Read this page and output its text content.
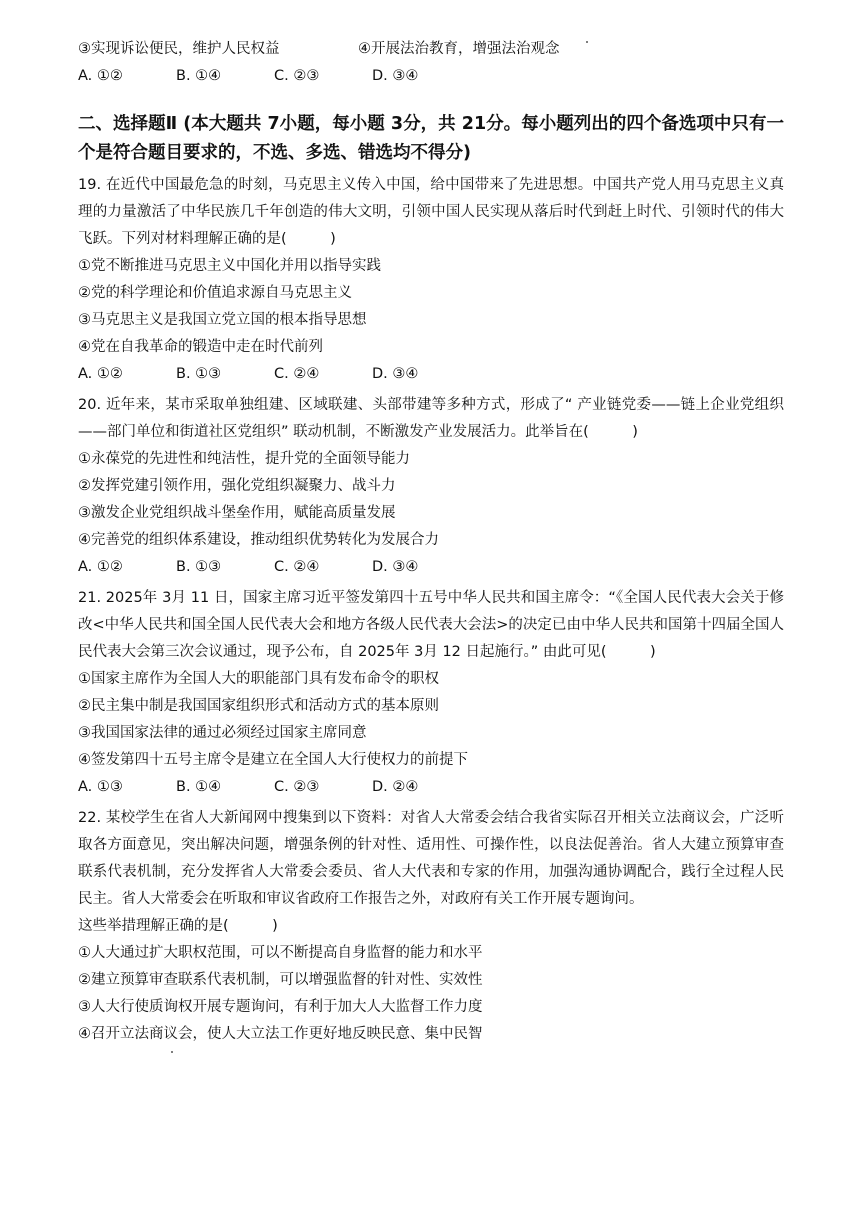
③实现诉讼便民，维护人民权益	④开展法治教育，增强法治观念
A. ①②	B. ①④	C. ②③	D. ③④
二、选择题Ⅱ (本大题共 7小题，每小题 3分，共 21分。每小题列出的四个备选项中只有一个是符合题目要求的，不选、多选、错选均不得分)
19. 在近代中国最危急的时刻，马克思主义传入中国，给中国带来了先进思想。中国共产党人用马克思主义真理的力量激活了中华民族几千年创造的伟大文明，引领中国人民实现从落后时代到赶上时代、引领时代的伟大飞跃。下列对材料理解正确的是(　　　)
①党不断推进马克思主义中国化并用以指导实践
②党的科学理论和价值追求源自马克思主义
③马克思主义是我国立党立国的根本指导思想
④党在自我革命的锻造中走在时代前列
A. ①②	B. ①③	C. ②④	D. ③④
20. 近年来，某市采取单独组建、区域联建、头部带建等多种方式，形成了“ 产业链党委——链上企业党组织——部门单位和街道社区党组织” 联动机制，不断激发产业发展活力。此举旨在(　　　)
①永葆党的先进性和纯洁性，提升党的全面领导能力
②发挥党建引领作用，强化党组织凝聚力、战斗力
③激发企业党组织战斗堡垒作用，赋能高质量发展
④完善党的组织体系建设，推动组织优势转化为发展合力
A. ①②	B. ①③	C. ②④	D. ③④
21. 2025年 3月 11 日，国家主席习近平签发第四十五号中华人民共和国主席令：“《全国人民代表大会关于修改<中华人民共和国全国人民代表大会和地方各级人民代表大会法>的决定已由中华人民共和国第十四届全国人民代表大会第三次会议通过，现予公布，自 2025年 3月 12 日起施行。” 由此可见(　　　)
①国家主席作为全国人大的职能部门具有发布命令的职权
②民主集中制是我国国家组织形式和活动方式的基本原则
③我国国家法律的通过必须经过国家主席同意
④签发第四十五号主席令是建立在全国人大行使权力的前提下
A. ①③	B. ①④	C. ②③	D. ②④
22. 某校学生在省人大新闻网中搜集到以下资料：对省人大常委会结合我省实际召开相关立法商议会，广泛听取各方面意见，突出解决问题，增强条例的针对性、适用性、可操作性，以良法促善治。省人大建立预算审查联系代表机制，充分发挥省人大常委会委员、省人大代表和专家的作用，加强沟通协调配合，践行全过程人民民主。省人大常委会在听取和审议省政府工作报告之外，对政府有关工作开展专题询问。
这些举措理解正确的是(　　　)
①人大通过扩大职权范围，可以不断提高自身监督的能力和水平
②建立预算审查联系代表机制，可以增强监督的针对性、实效性
③人大行使质询权开展专题询问，有利于加大人大监督工作力度
④召开立法商议会，使人大立法工作更好地反映民意、集中民智
